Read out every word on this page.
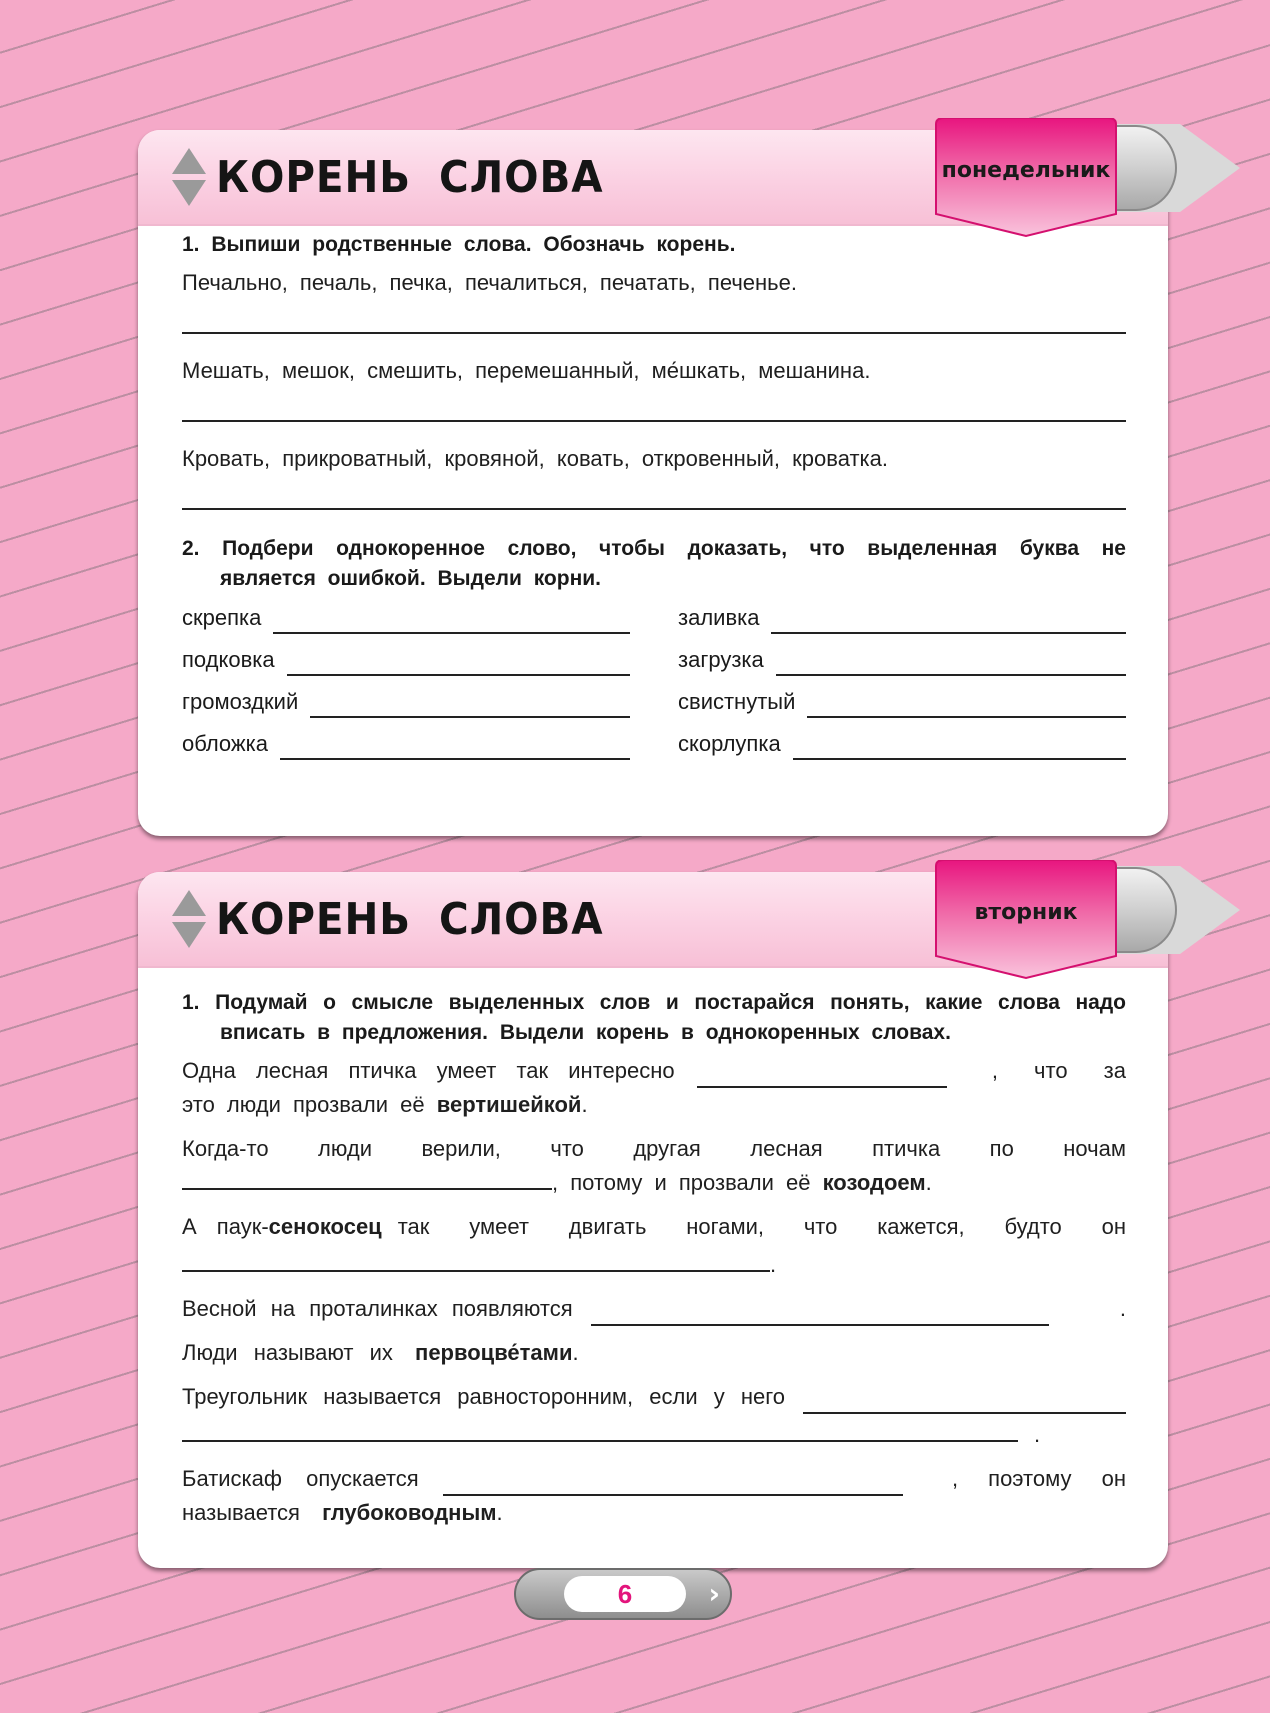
КОРЕНЬ СЛОВА	понедельник
1. Выпиши родственные слова. Обозначь корень.
Печально, печаль, печка, печалиться, печатать, печенье.
Мешать, мешок, смешить, перемешанный, ме́шкать, мешанина.
Кровать, прикроватный, кровяной, ковать, откровенный, кроватка.
2. Подбери однокоренное слово, чтобы доказать, что выделенная буква не является ошибкой. Выдели корни.
скрепка	заливка
подковка	загрузка
громоздкий	свистнутый
обложка	скорлупка
КОРЕНЬ СЛОВА	вторник
1. Подумай о смысле выделенных слов и постарайся понять, какие слова надо вписать в предложения. Выдели корень в однокоренных словах.
Одна лесная птичка умеет так интересно	, что за
это люди прозвали её вертишейкой.
Когда-то люди верили, что другая лесная птичка по ночам
, потому и прозвали её козодоем.
А паук- сенокосец так умеет двигать ногами, что кажется, будто он
.
Весной на проталинках появляются	.
Люди называют их первоцве́тами.
Треугольник называется равносторонним, если у него
.
Батискаф опускается	, поэтому он
называется глубоководным.
6	›
